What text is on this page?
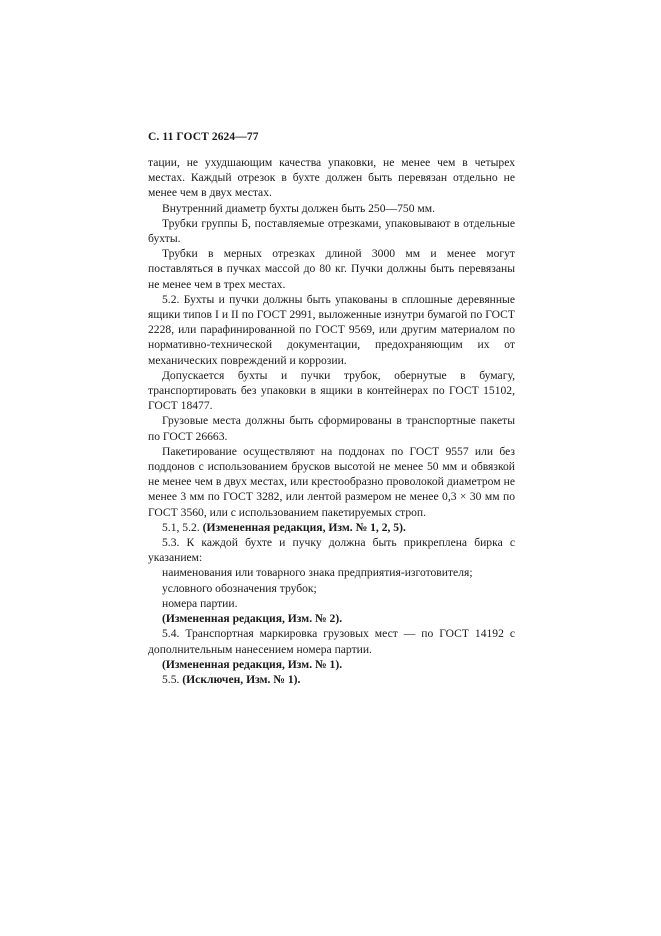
С. 11 ГОСТ 2624—77

тации, не ухудшающим качества упаковки, не менее чем в четырех местах. Каждый отрезок в бухте должен быть перевязан отдельно не менее чем в двух местах.

Внутренний диаметр бухты должен быть 250—750 мм.

Трубки группы Б, поставляемые отрезками, упаковывают в отдельные бухты.

Трубки в мерных отрезках длиной 3000 мм и менее могут поставляться в пучках массой до 80 кг. Пучки должны быть перевязаны не менее чем в трех местах.

5.2. Бухты и пучки должны быть упакованы в сплошные деревянные ящики типов I и II по ГОСТ 2991, выложенные изнутри бумагой по ГОСТ 2228, или парафинированной по ГОСТ 9569, или другим материалом по нормативно-технической документации, предохраняющим их от механических повреждений и коррозии.

Допускается бухты и пучки трубок, обернутые в бумагу, транспортировать без упаковки в ящики в контейнерах по ГОСТ 15102, ГОСТ 18477.

Грузовые места должны быть сформированы в транспортные пакеты по ГОСТ 26663.

Пакетирование осуществляют на поддонах по ГОСТ 9557 или без поддонов с использованием брусков высотой не менее 50 мм и обвязкой не менее чем в двух местах, или крестообразно проволокой диаметром не менее 3 мм по ГОСТ 3282, или лентой размером не менее 0,3 × 30 мм по ГОСТ 3560, или с использованием пакетируемых строп.

5.1, 5.2. (Измененная редакция, Изм. № 1, 2, 5).

5.3. К каждой бухте и пучку должна быть прикреплена бирка с указанием:

наименования или товарного знака предприятия-изготовителя;

условного обозначения трубок;

номера партии.

(Измененная редакция, Изм. № 2).

5.4. Транспортная маркировка грузовых мест — по ГОСТ 14192 с дополнительным нанесением номера партии.

(Измененная редакция, Изм. № 1).

5.5. (Исключен, Изм. № 1).
